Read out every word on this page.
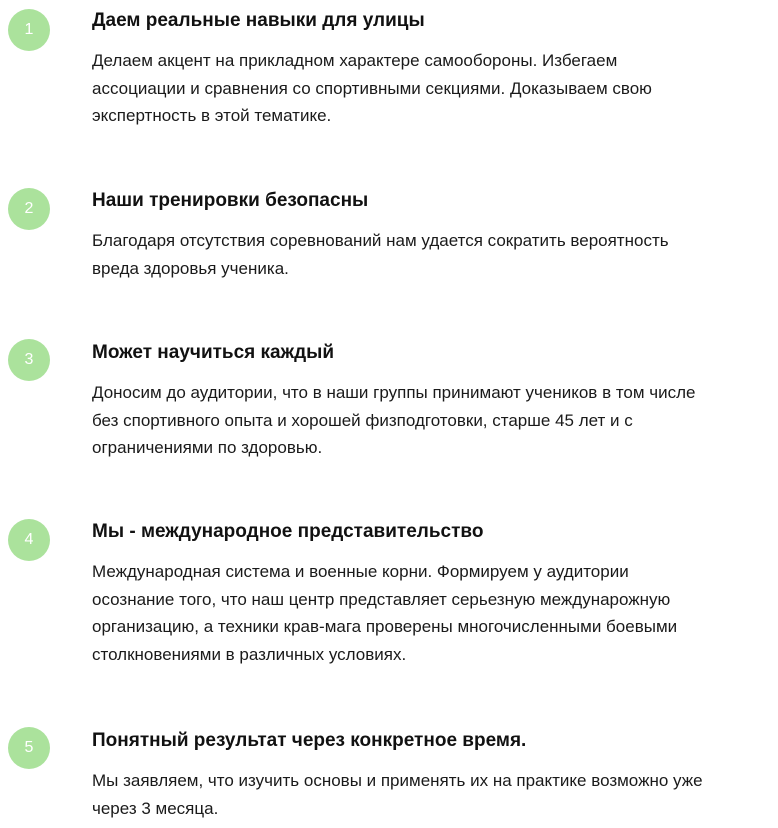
1	Даем реальные навыки для улицы

Делаем акцент на прикладном характере самообороны. Избегаем
ассоциации и сравнения со спортивными секциями. Доказываем свою
экспертность в этой тематике.

2	Наши тренировки безопасны

Благодаря отсутствия соревнований нам удается сократить вероятность
вреда здоровья ученика.

3	Может научиться каждый

Доносим до аудитории, что в наши группы принимают учеников в том числе
без спортивного опыта и хорошей физподготовки, старше 45 лет и с
ограничениями по здоровью.

4	Мы - международное представительство

Международная система и военные корни. Формируем у аудитории
осознание того, что наш центр представляет серьезную междунарожную
организацию, а техники крав-мага проверены многочисленными боевыми
столкновениями в различных условиях.

5	Понятный результат через конкретное время.

Мы заявляем, что изучить основы и применять их на практике возможно уже
через 3 месяца.
